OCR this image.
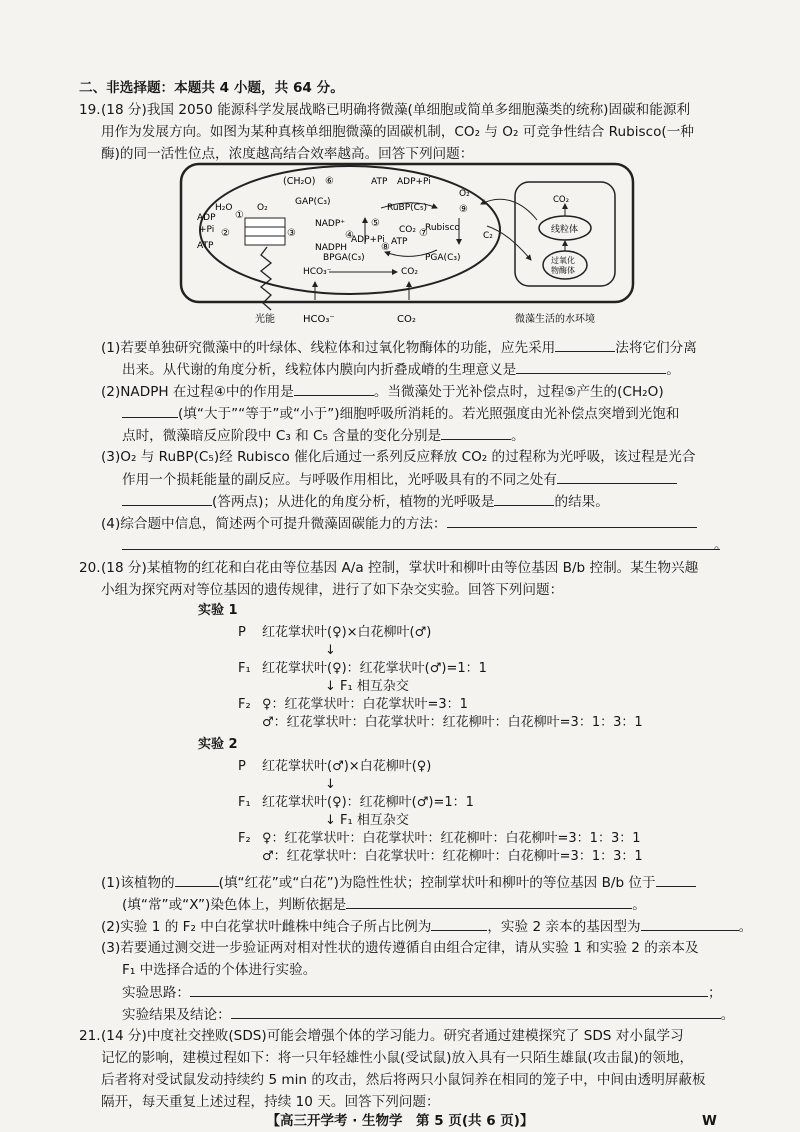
二、非选择题：本题共 4 小题，共 64 分。
19. (18 分)我国 2050 能源科学发展战略已明确将微藻(单细胞或简单多细胞藻类的统称)固碳和能源利
用作为发展方向。如图为某种真核单细胞微藻的固碳机制，CO₂ 与 O₂ 可竞争性结合 Rubisco(一种
酶)的同一活性位点，浓度越高结合效率越高。回答下列问题：
(CH₂O) ⑥	ATP ADP+Pi
GAP(C₃)
RuBP(C₅)
O₂
⑨
H₂O
①
O₂
ADP
+Pi ②
ATP
NADP⁺
③	④
NADPH
⑤
ADP+Pi
⑧
CO₂ ⑦
ATP
Rubisco
C₂
BPGA(C₃)	PGA(C₃)
HCO₃⁻	CO₂
CO₂
线粒体
过氧化
物酶体
光能	HCO₃⁻	CO₂	微藻生活的水环境
(1)若要单独研究微藻中的叶绿体、线粒体和过氧化物酶体的功能，应先采用	法将它们分离
出来。从代谢的角度分析，线粒体内膜向内折叠成嵴的生理意义是	。
(2)NADPH 在过程④中的作用是	。当微藻处于光补偿点时，过程⑤产生的(CH₂O)
(填“大于”“等于”或“小于”)细胞呼吸所消耗的。若光照强度由光补偿点突增到光饱和
点时，微藻暗反应阶段中 C₃ 和 C₅ 含量的变化分别是	。
(3)O₂ 与 RuBP(C₅)经 Rubisco 催化后通过一系列反应释放 CO₂ 的过程称为光呼吸，该过程是光合
作用一个损耗能量的副反应。与呼吸作用相比，光呼吸具有的不同之处有
(答两点)；从进化的角度分析，植物的光呼吸是	的结果。
(4)综合题中信息，简述两个可提升微藻固碳能力的方法：
。
20. (18 分)某植物的红花和白花由等位基因 A/a 控制，掌状叶和柳叶由等位基因 B/b 控制。某生物兴趣
小组为探究两对等位基因的遗传规律，进行了如下杂交实验。回答下列问题：
实验 1
P 红花掌状叶(♀)×白花柳叶(♂)
↓
F₁ 红花掌状叶(♀)：红花掌状叶(♂)=1：1
↓ F₁ 相互杂交
F₂ ♀：红花掌状叶：白花掌状叶=3：1
♂：红花掌状叶：白花掌状叶：红花柳叶：白花柳叶=3：1：3：1
实验 2
P 红花掌状叶(♂)×白花柳叶(♀)
↓
F₁ 红花掌状叶(♀)：红花柳叶(♂)=1：1
↓ F₁ 相互杂交
F₂ ♀：红花掌状叶：白花掌状叶：红花柳叶：白花柳叶=3：1：3：1
♂：红花掌状叶：白花掌状叶：红花柳叶：白花柳叶=3：1：3：1
(1)该植物的	(填“红花”或“白花”)为隐性性状；控制掌状叶和柳叶的等位基因 B/b 位于
(填“常”或“X”)染色体上，判断依据是	。
(2)实验 1 的 F₂ 中白花掌状叶雌株中纯合子所占比例为	，实验 2 亲本的基因型为	。
(3)若要通过测交进一步验证两对相对性状的遗传遵循自由组合定律，请从实验 1 和实验 2 的亲本及
F₁ 中选择合适的个体进行实验。
实验思路：	；
实验结果及结论：	。
21. (14 分)中度社交挫败(SDS)可能会增强个体的学习能力。研究者通过建模探究了 SDS 对小鼠学习
记忆的影响，建模过程如下：将一只年轻雄性小鼠(受试鼠)放入具有一只陌生雄鼠(攻击鼠)的领地，
后者将对受试鼠发动持续约 5 min 的攻击，然后将两只小鼠饲养在相同的笼子中，中间由透明屏蔽板
隔开，每天重复上述过程，持续 10 天。回答下列问题：
【高三开学考 · 生物学　第 5 页(共 6 页)】	W
